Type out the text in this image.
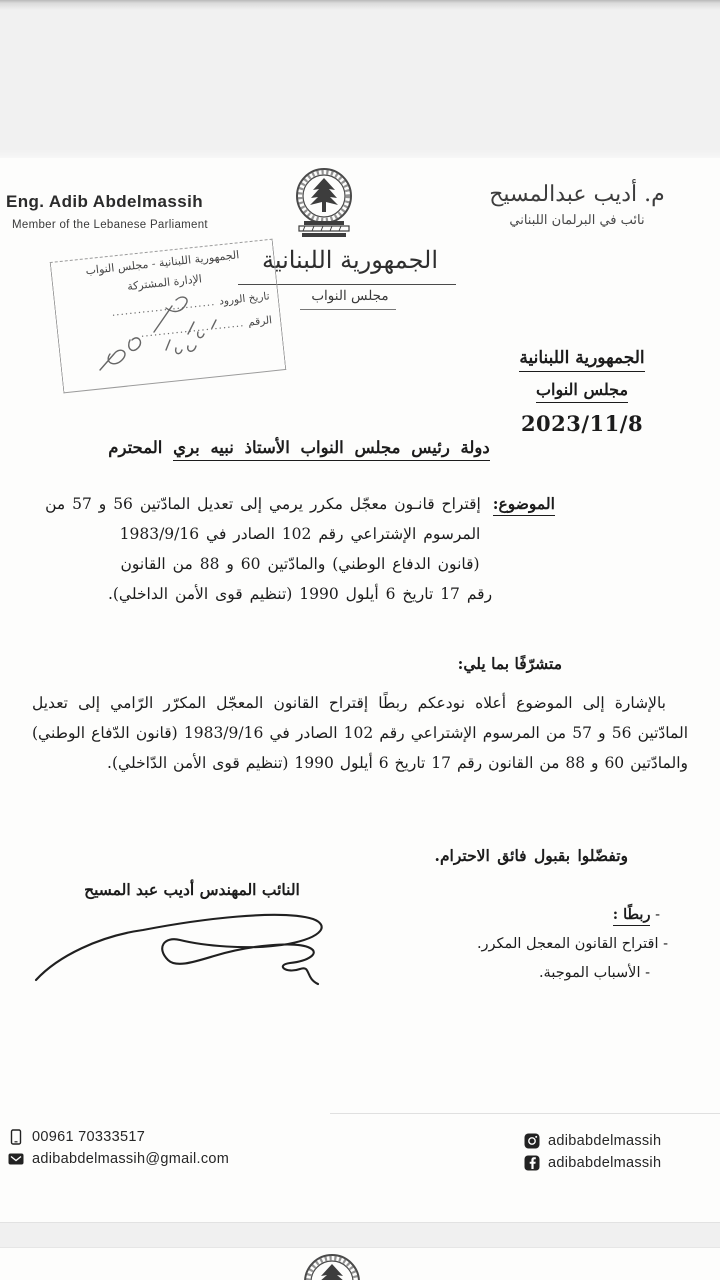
Eng. Adib Abdelmassih
Member of the Lebanese Parliament
الجمهورية اللبنانية
مجلس النواب
م. أديب عبدالمسيح
نائب في البرلمان اللبناني
الجمهورية اللبنانية - مجلس النواب
الإدارة المشتركة
تاريخ الورود
........................
الرقم
........................
الجمهورية اللبنانية
مجلس النواب
2023/11/8
دولة رئيس مجلس النواب الأستاذ نبيه بري المحترم
الموضوع: إقتراح قانـون معجّل مكرر يرمي إلى تعديل المادّتين 56 و 57 من
المرسوم الإشتراعي رقم 102 الصادر في 1983/9/16
(قانون الدفاع الوطني) والمادّتين 60 و 88 من القانون
رقم 17 تاريخ 6 أيلول 1990 (تنظيم قوى الأمن الداخلي).
متشرّفًا بما يلي:
بالإشارة إلى الموضوع أعلاه نودعكم ربطًا إقتراح القانون المعجّل المكرّر الرّامي إلى تعديل المادّتين 56 و 57 من المرسوم الإشتراعي رقم 102 الصادر في 1983/9/16 (قانون الدّفاع الوطني) والمادّتين 60 و 88 من القانون رقم 17 تاريخ 6 أيلول 1990 (تنظيم قوى الأمن الدّاخلي).
وتفضّلوا بقبول فائق الاحترام.
النائب المهندس أديب عبد المسيح
- ربطًا :
- اقتراح القانون المعجل المكرر.
- الأسباب الموجبة.
00961 70333517
adibabdelmassih@gmail.com
adibabdelmassih
adibabdelmassih
